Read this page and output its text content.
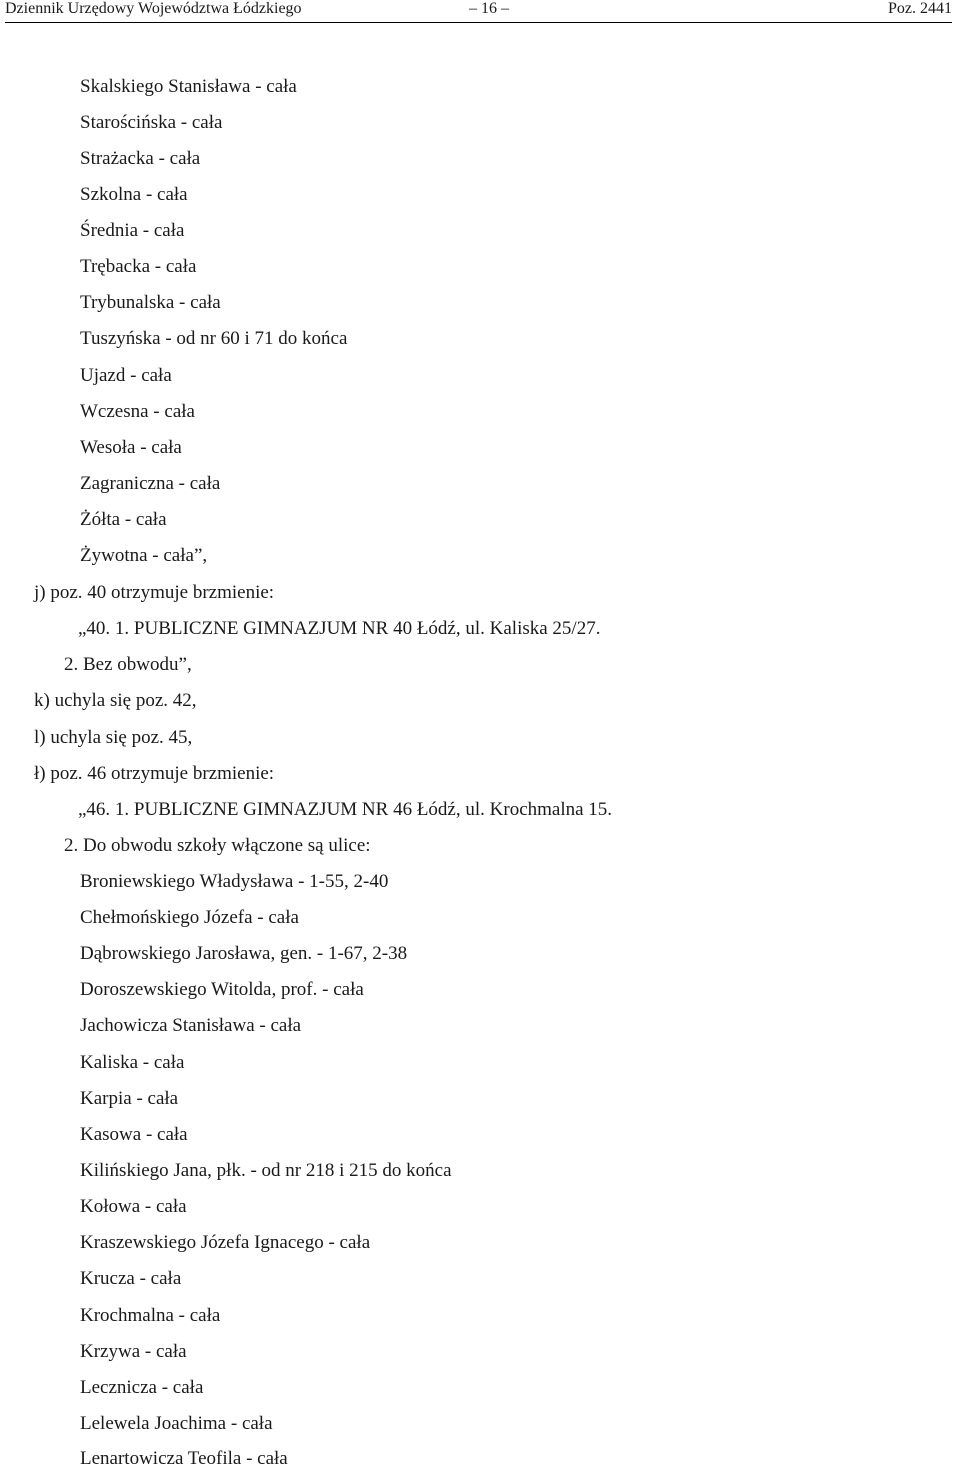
Dziennik Urzędowy Województwa Łódzkiego	– 16 –	Poz. 2441
Skalskiego Stanisława - cała
Starościńska - cała
Strażacka - cała
Szkolna - cała
Średnia - cała
Trębacka - cała
Trybunalska - cała
Tuszyńska - od nr 60 i 71 do końca
Ujazd - cała
Wczesna - cała
Wesoła - cała
Zagraniczna - cała
Żółta - cała
Żywotna - cała”,
j) poz. 40 otrzymuje brzmienie:
„40. 1. PUBLICZNE GIMNAZJUM NR 40 Łódź, ul. Kaliska 25/27.
2. Bez obwodu”,
k) uchyla się poz. 42,
l) uchyla się poz. 45,
ł) poz. 46 otrzymuje brzmienie:
„46. 1. PUBLICZNE GIMNAZJUM NR 46 Łódź, ul. Krochmalna 15.
2. Do obwodu szkoły włączone są ulice:
Broniewskiego Władysława - 1-55, 2-40
Chełmońskiego Józefa - cała
Dąbrowskiego Jarosława, gen. - 1-67, 2-38
Doroszewskiego Witolda, prof. - cała
Jachowicza Stanisława - cała
Kaliska - cała
Karpia - cała
Kasowa - cała
Kilińskiego Jana, płk. - od nr 218 i 215 do końca
Kołowa - cała
Kraszewskiego Józefa Ignacego - cała
Krucza - cała
Krochmalna - cała
Krzywa - cała
Lecznicza - cała
Lelewela Joachima - cała
Lenartowicza Teofila - cała
